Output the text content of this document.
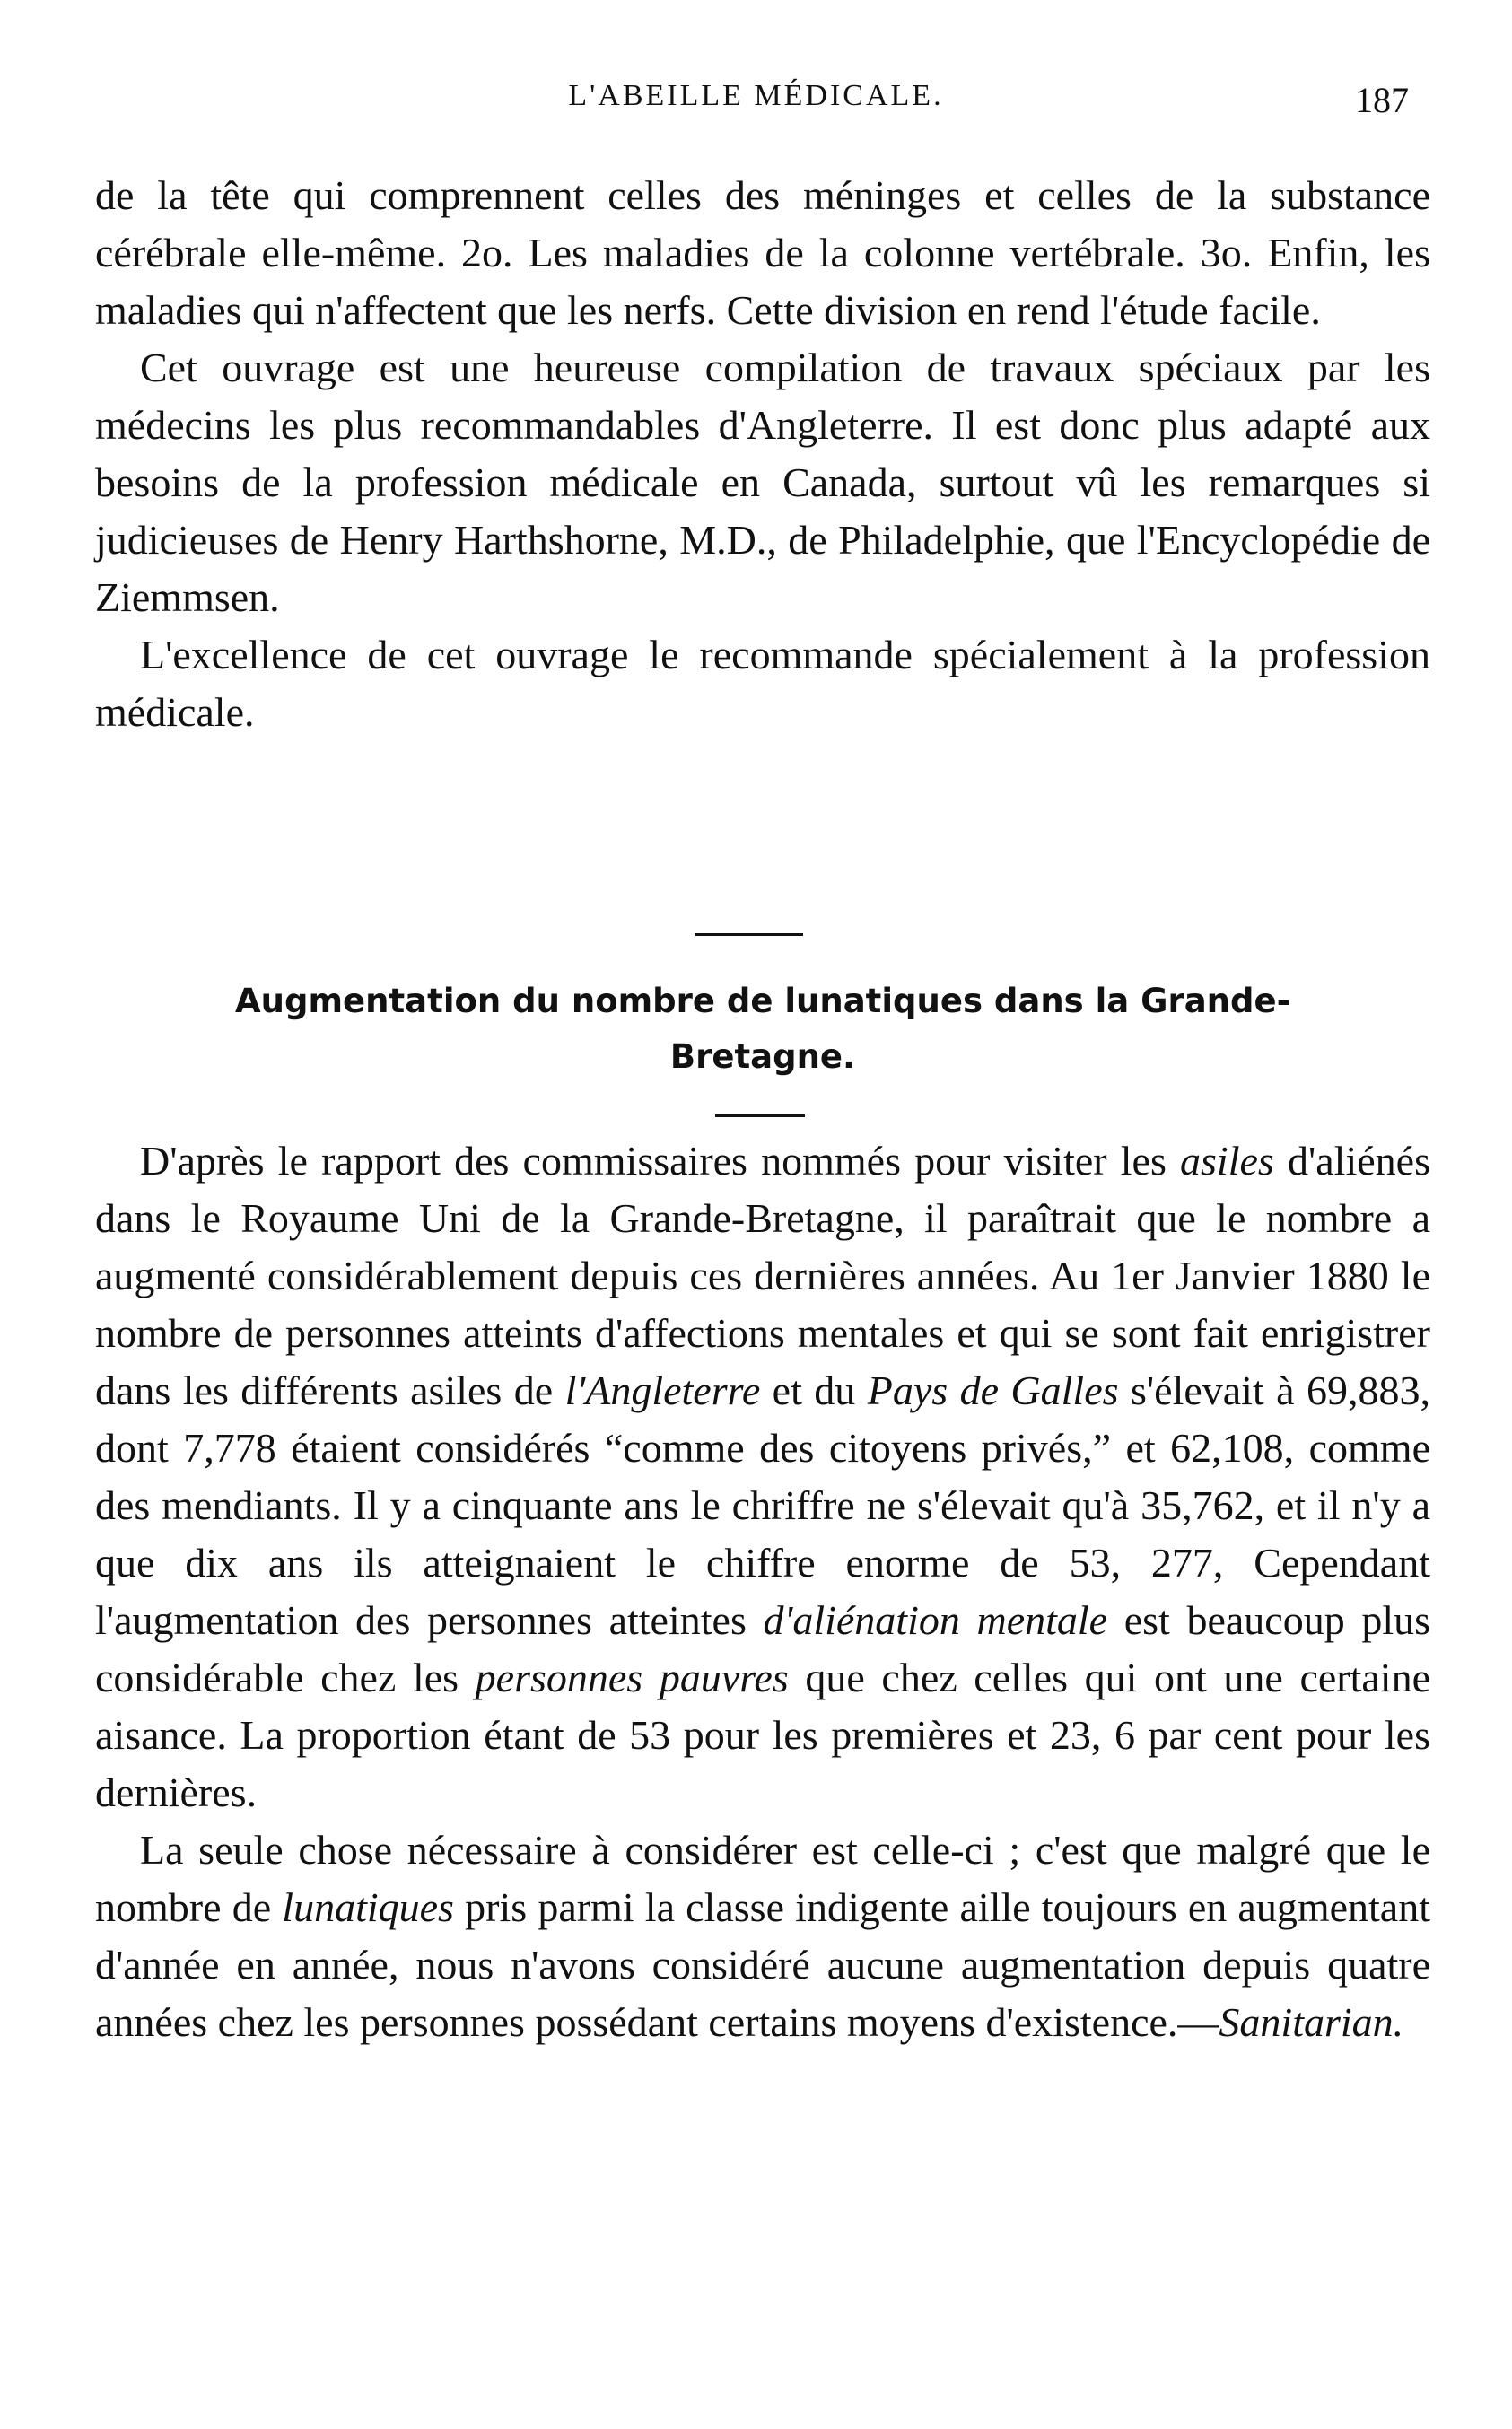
L'ABEILLE MÉDICALE.	187

de la tête qui comprennent celles des méninges et celles de la substance cérébrale elle-même. 2o. Les maladies de la colonne vertébrale. 3o. Enfin, les maladies qui n'affectent que les nerfs. Cette division en rend l'étude facile.

Cet ouvrage est une heureuse compilation de travaux spéciaux par les médecins les plus recommandables d'Angleterre. Il est donc plus adapté aux besoins de la profession médicale en Canada, surtout vû les remarques si judicieuses de Henry Harthshorne, M.D., de Philadelphie, que l'Encyclopédie de Ziemmsen.

L'excellence de cet ouvrage le recommande spécialement à la profession médicale.

Augmentation du nombre de lunatiques dans la Grande-
Bretagne.

D'après le rapport des commissaires nommés pour visiter les asiles d'aliénés dans le Royaume Uni de la Grande-Bretagne, il paraîtrait que le nombre a augmenté considérablement depuis ces dernières années. Au 1er Janvier 1880 le nombre de personnes atteints d'affections mentales et qui se sont fait enrigistrer dans les différents asiles de l'Angleterre et du Pays de Galles s'élevait à 69,883, dont 7,778 étaient considérés “comme des citoyens privés,” et 62,108, comme des mendiants. Il y a cinquante ans le chriffre ne s'élevait qu'à 35,762, et il n'y a que dix ans ils atteignaient le chiffre enorme de 53, 277, Cependant l'augmentation des personnes atteintes d'aliénation mentale est beaucoup plus considérable chez les personnes pauvres que chez celles qui ont une certaine aisance. La proportion étant de 53 pour les premières et 23, 6 par cent pour les dernières.

La seule chose nécessaire à considérer est celle-ci ; c'est que malgré que le nombre de lunatiques pris parmi la classe indigente aille toujours en augmentant d'année en année, nous n'avons considéré aucune augmentation depuis quatre années chez les personnes possédant certains moyens d'existence.—Sanitarian.
